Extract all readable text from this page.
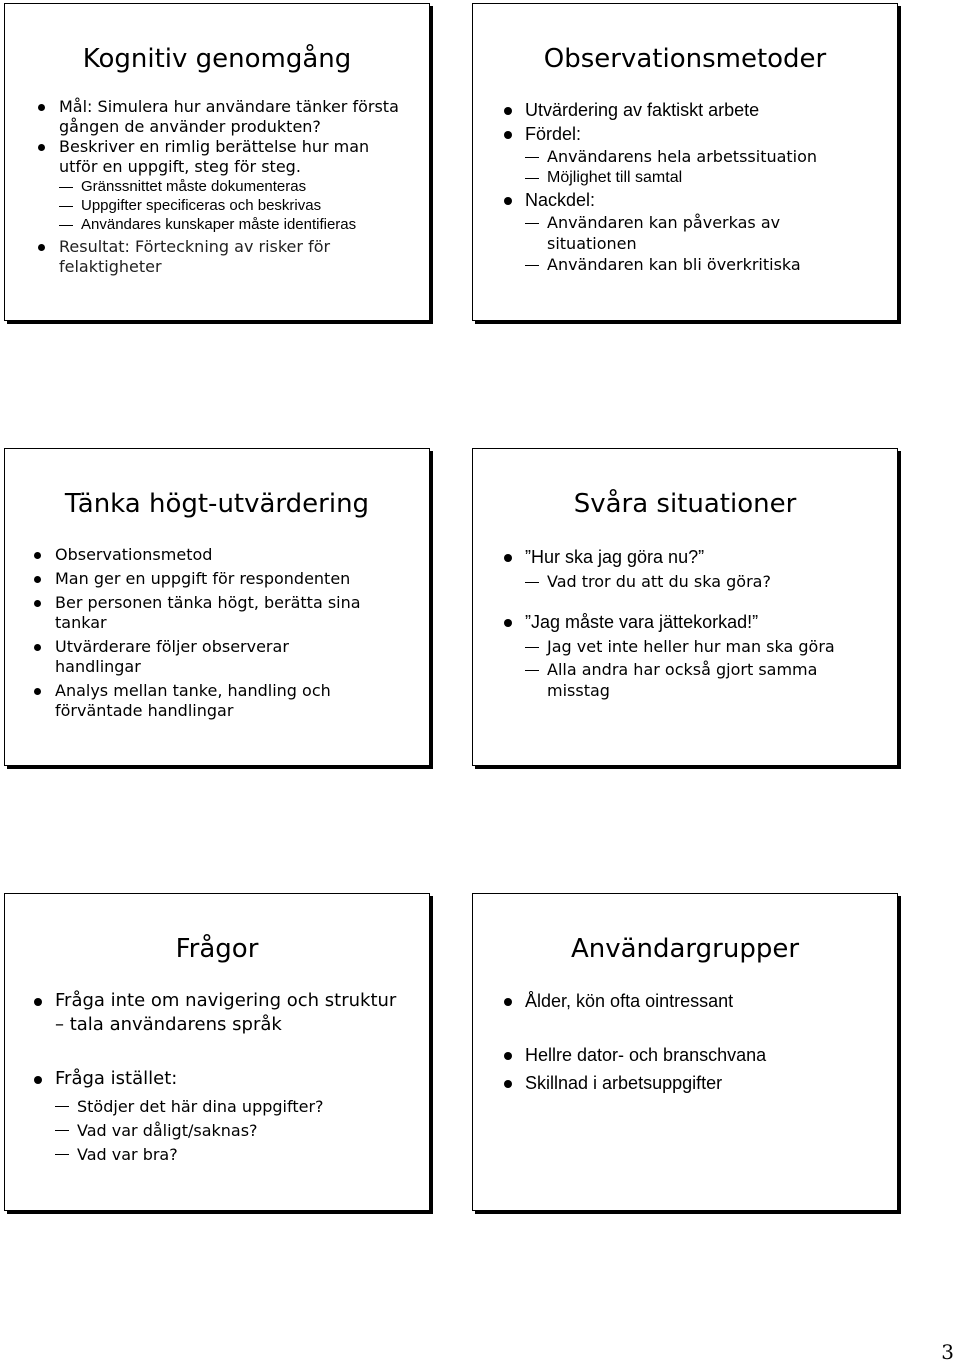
Kognitiv genomgång
Mål: Simulera hur användare tänker första gången de använder produkten?
Beskriver en rimlig berättelse hur man utför en uppgift, steg för steg.
Gränssnittet måste dokumenteras
Uppgifter specificeras och beskrivas
Användares kunskaper måste identifieras
Resultat: Förteckning av risker för felaktigheter
Observationsmetoder
Utvärdering av faktiskt arbete
Fördel:
Användarens hela arbetssituation
Möjlighet till samtal
Nackdel:
Användaren kan påverkas av situationen
Användaren kan bli överkritiska
Tänka högt-utvärdering
Observationsmetod
Man ger en uppgift för respondenten
Ber personen tänka högt, berätta sina tankar
Utvärderare följer observerar handlingar
Analys mellan tanke, handling och förväntade handlingar
Svåra situationer
”Hur ska jag göra nu?”
Vad tror du att du ska göra?
”Jag måste vara jättekorkad!”
Jag vet inte heller hur man ska göra
Alla andra har också gjort samma misstag
Frågor
Fråga inte om navigering och struktur – tala användarens språk
Fråga istället:
Stödjer det här dina uppgifter?
Vad var dåligt/saknas?
Vad var bra?
Användargrupper
Ålder, kön ofta ointressant
Hellre dator- och branschvana
Skillnad i arbetsuppgifter
3
